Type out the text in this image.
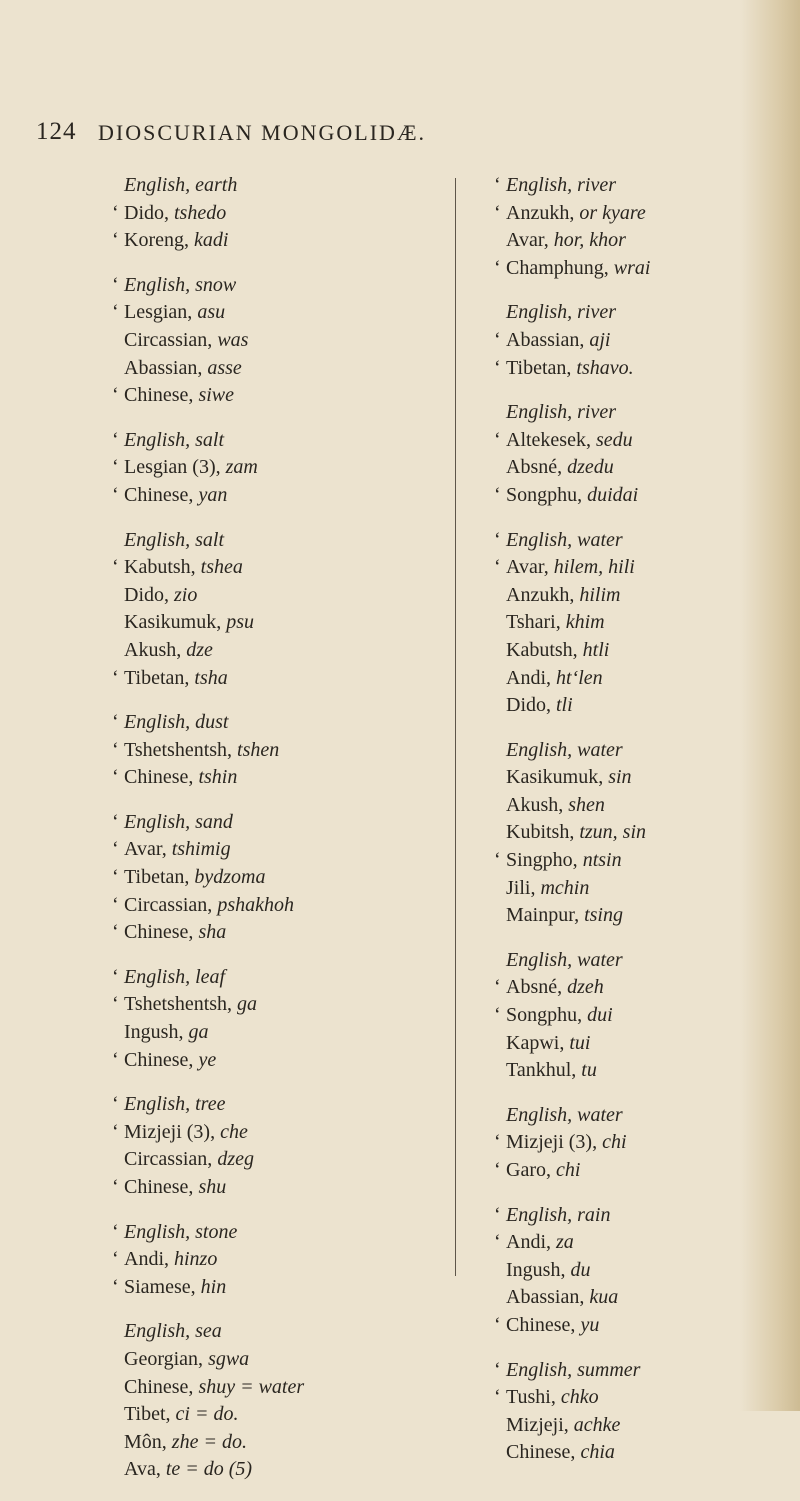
124 DIOSCURIAN MONGOLIDÆ.
English, earth
‘ Dido, tshedo
‘ Koreng, kadi
‘ English, snow
‘ Lesgian, asu
Circassian, was
Abassian, asse
‘ Chinese, siwe
‘ English, salt
‘ Lesgian (3), zam
‘ Chinese, yan
English, salt
‘ Kabutsh, tshea
Dido, zio
Kasikumuk, psu
Akush, dze
‘ Tibetan, tsha
‘ English, dust
‘ Tshetshentsh, tshen
‘ Chinese, tshin
‘ English, sand
‘ Avar, tshimig
‘ Tibetan, bydzoma
‘ Circassian, pshakhoh
‘ Chinese, sha
‘ English, leaf
‘ Tshetshentsh, ga
Ingush, ga
‘ Chinese, ye
‘ English, tree
‘ Mizjeji (3), che
Circassian, dzeg
‘ Chinese, shu
‘ English, stone
‘ Andi, hinzo
‘ Siamese, hin
English, sea
Georgian, sgwa
Chinese, shuy = water
Tibet, ci = do.
Môn, zhe = do.
Ava, te = do (5)
‘ English, river
‘ Anzukh, or kyare
Avar, hor, khor
‘ Champhung, wrai
English, river
‘ Abassian, aji
‘ Tibetan, tshavo.
English, river
‘ Altekesek, sedu
Absné, dzedu
‘ Songphu, duidai
‘ English, water
‘ Avar, hilem, hili
Anzukh, hilim
Tshari, khim
Kabutsh, htli
Andi, ht‘len
Dido, tli
English, water
Kasikumuk, sin
Akush, shen
Kubitsh, tzun, sin
‘ Singpho, ntsin
Jili, mchin
Mainpur, tsing
English, water
‘ Absné, dzeh
‘ Songphu, dui
Kapwi, tui
Tankhul, tu
English, water
‘ Mizjeji (3), chi
‘ Garo, chi
‘ English, rain
‘ Andi, za
Ingush, du
Abassian, kua
‘ Chinese, yu
‘ English, summer
‘ Tushi, chko
Mizjeji, achke
Chinese, chia
